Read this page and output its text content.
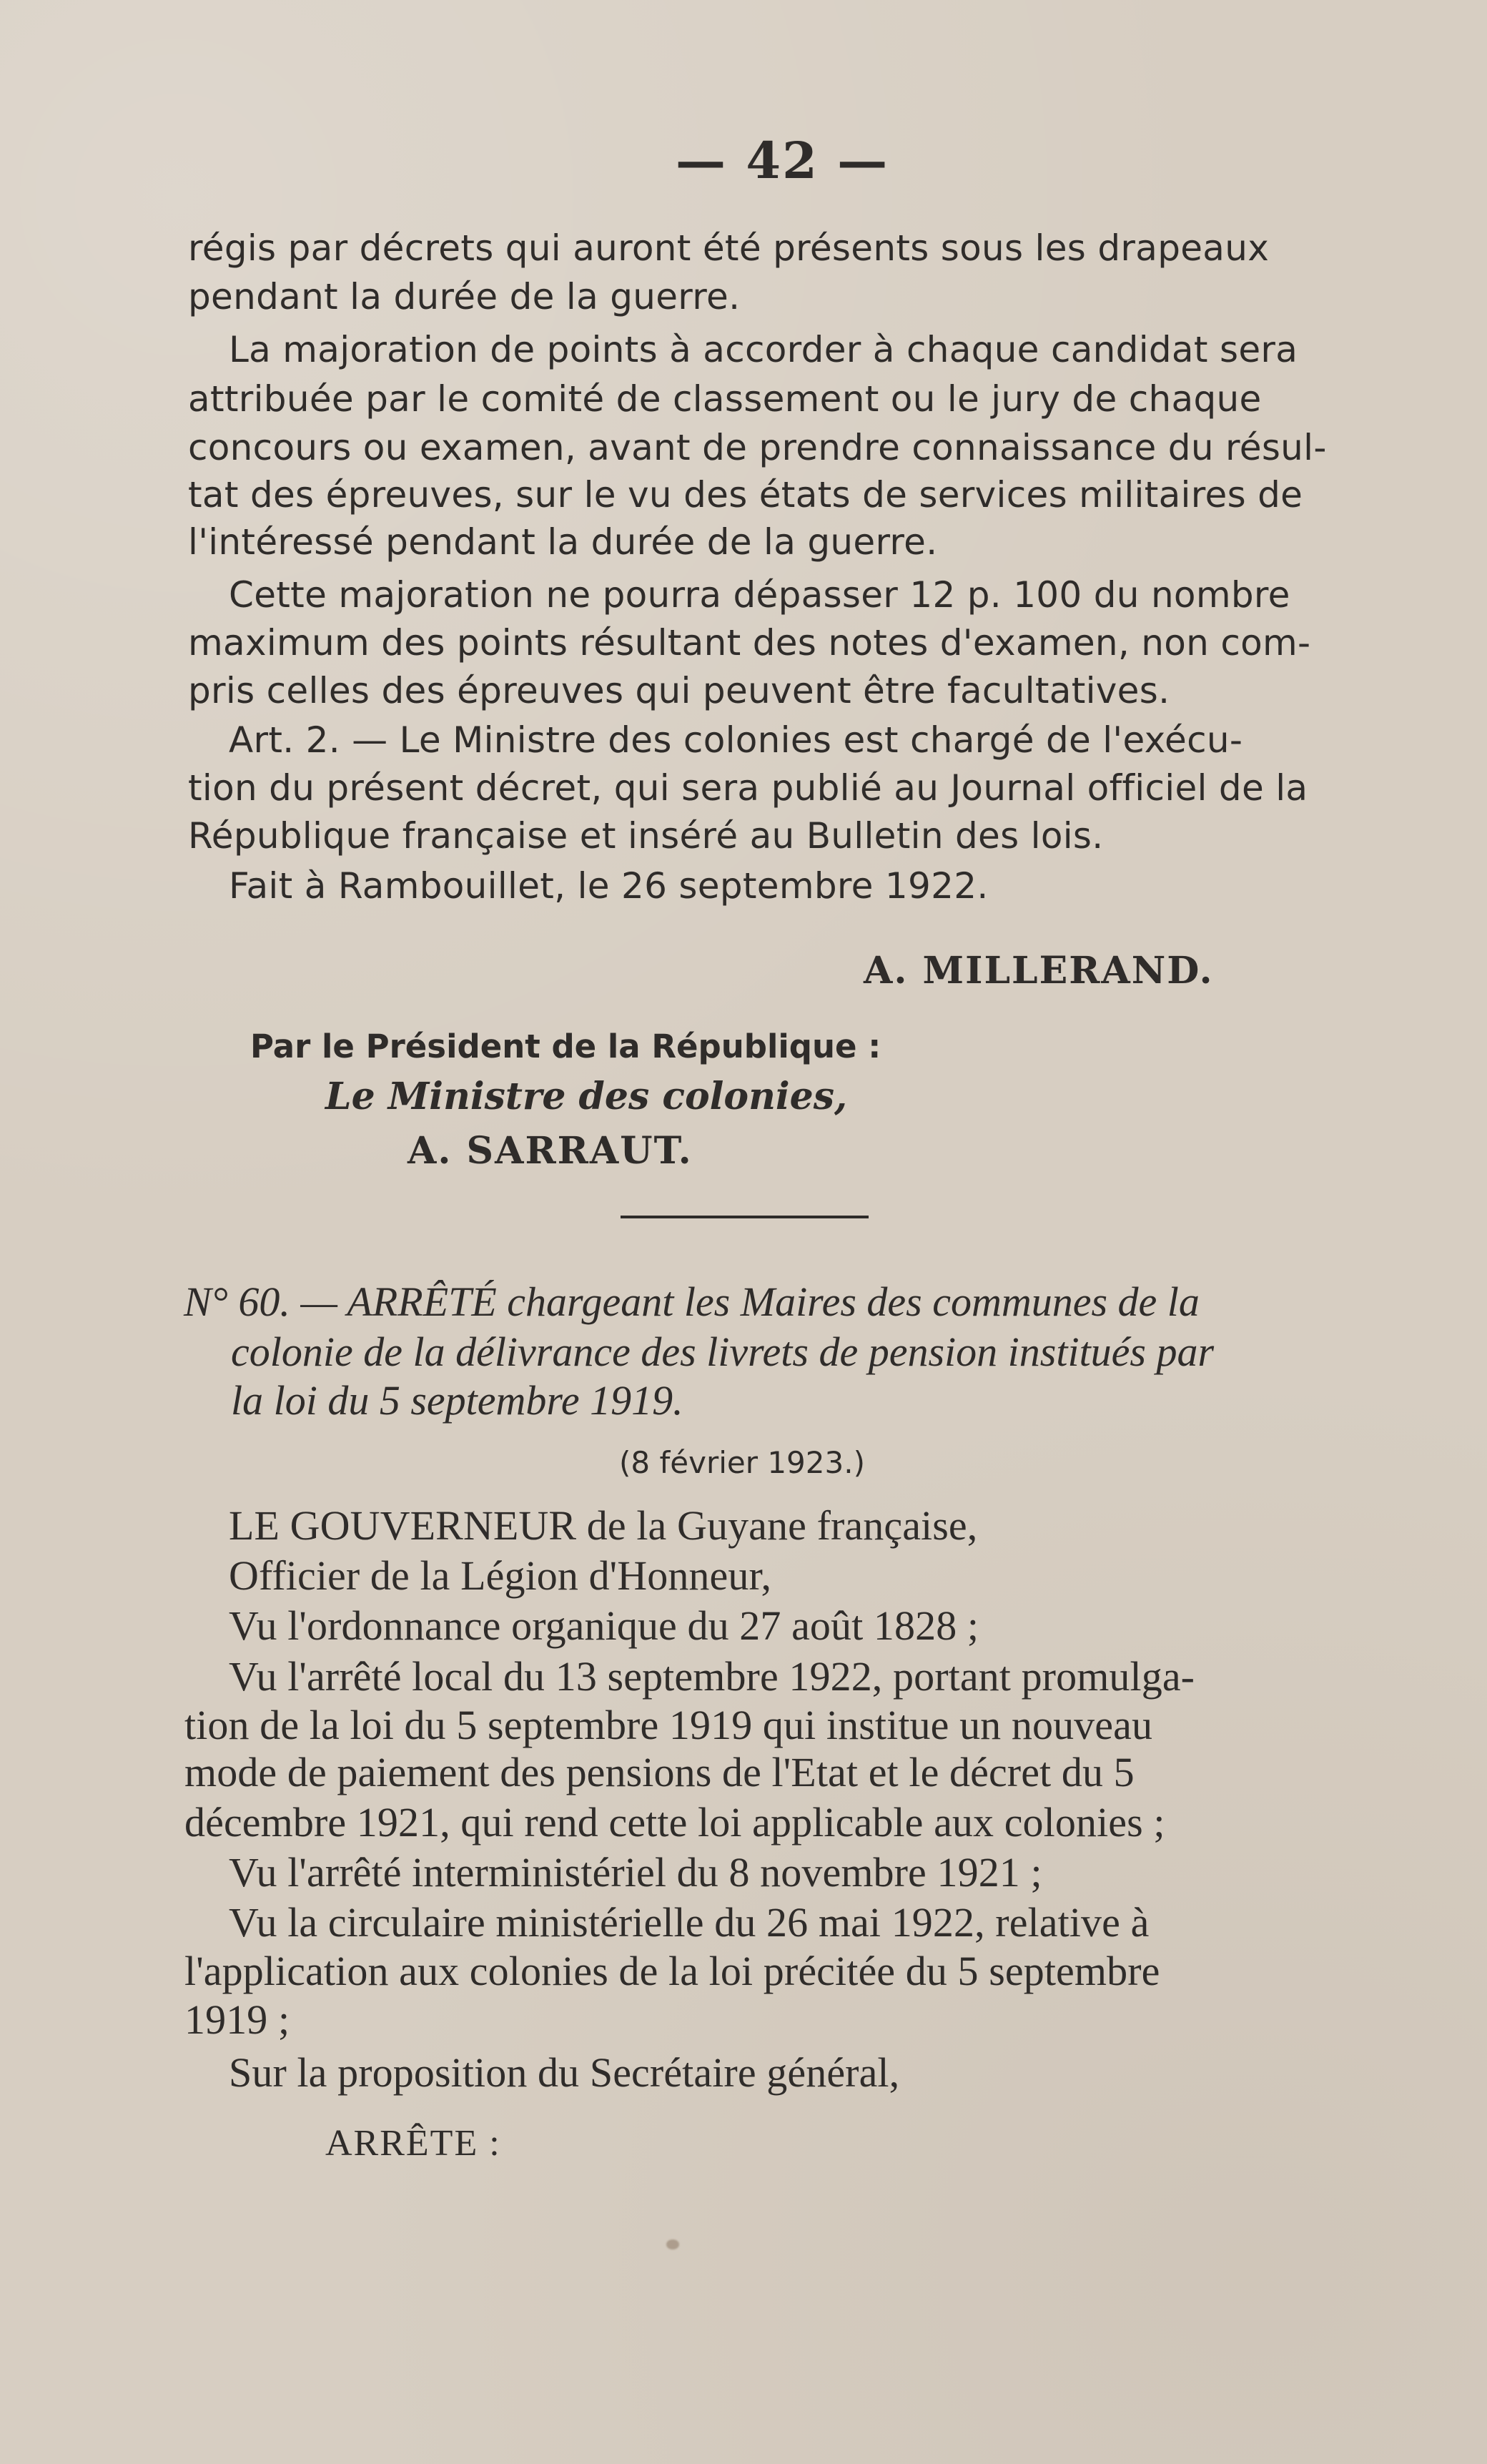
— 42 —
régis par décrets qui auront été présents sous les drapeaux
pendant la durée de la guerre.
La majoration de points à accorder à chaque candidat sera
attribuée par le comité de classement ou le jury de chaque
concours ou examen, avant de prendre connaissance du résul-
tat des épreuves, sur le vu des états de services militaires de
l'intéressé pendant la durée de la guerre.
Cette majoration ne pourra dépasser 12 p. 100 du nombre
maximum des points résultant des notes d'examen, non com-
pris celles des épreuves qui peuvent être facultatives.
Art. 2. — Le Ministre des colonies est chargé de l'exécu-
tion du présent décret, qui sera publié au Journal officiel de la
République française et inséré au Bulletin des lois.
Fait à Rambouillet, le 26 septembre 1922.
A. MILLERAND.
Par le Président de la République :
Le Ministre des colonies,
A. SARRAUT.
N° 60. — ARRÊTÉ chargeant les Maires des communes de la
colonie de la délivrance des livrets de pension institués par
la loi du 5 septembre 1919.
(8 février 1923.)
LE GOUVERNEUR de la Guyane française,
Officier de la Légion d'Honneur,
Vu l'ordonnance organique du 27 août 1828 ;
Vu l'arrêté local du 13 septembre 1922, portant promulga-
tion de la loi du 5 septembre 1919 qui institue un nouveau
mode de paiement des pensions de l'Etat et le décret du 5
décembre 1921, qui rend cette loi applicable aux colonies ;
Vu l'arrêté interministériel du 8 novembre 1921 ;
Vu la circulaire ministérielle du 26 mai 1922, relative à
l'application aux colonies de la loi précitée du 5 septembre
1919 ;
Sur la proposition du Secrétaire général,
ARRÊTE :
